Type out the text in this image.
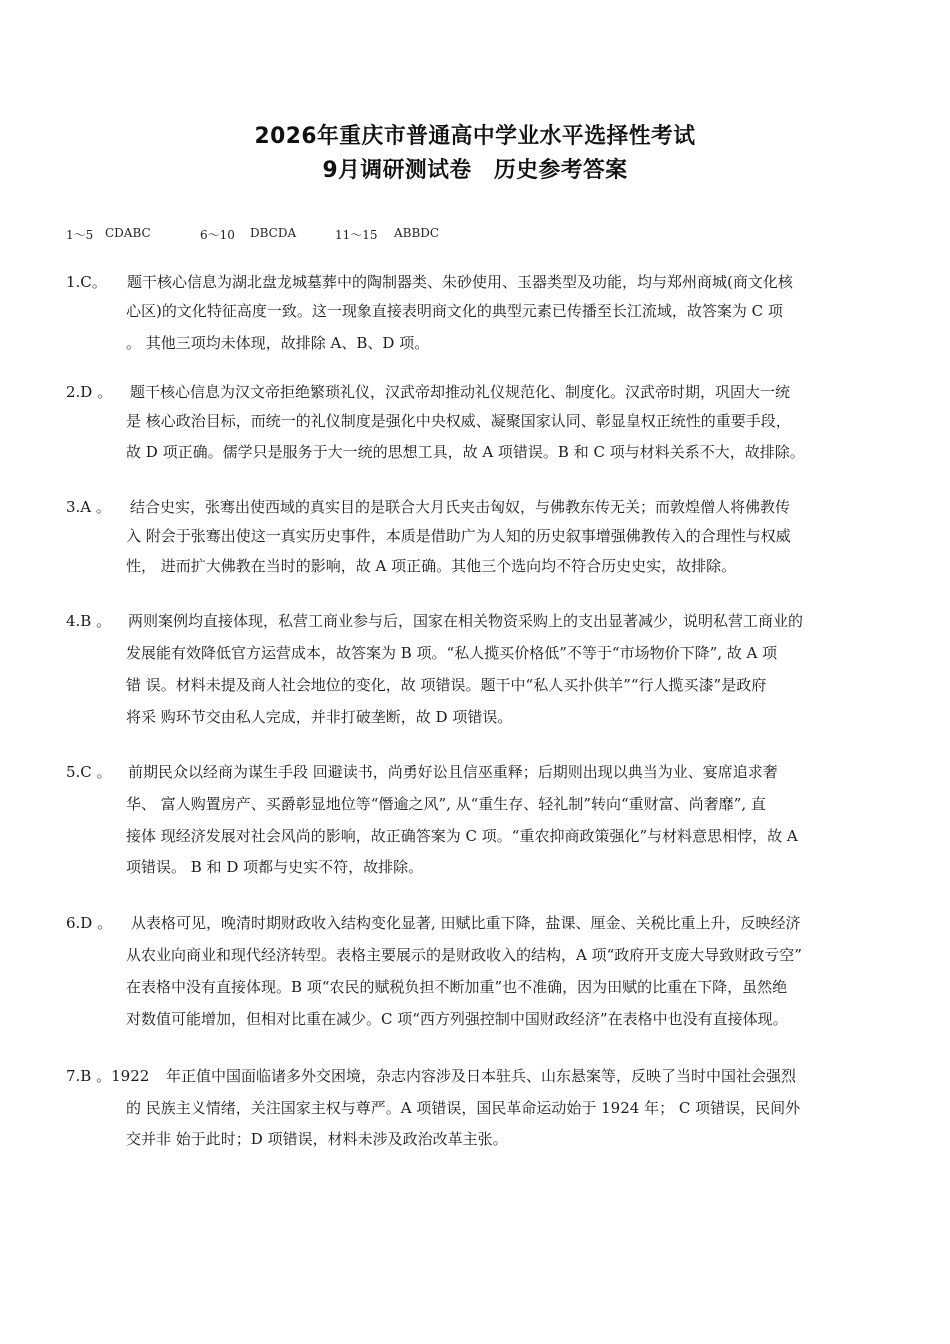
2026年重庆市普通高中学业水平选择性考试
9月调研测试卷　历史参考答案
1～5 CDABC	6～10 DBCDA	11～15 ABBDC
1.C。 题干核心信息为湖北盘龙城墓葬中的陶制器类、朱砂使用、玉器类型及功能，均与郑州商城(商文化核
心区)的文化特征高度一致。这一现象直接表明商文化的典型元素已传播至长江流域，故答案为 C 项
。 其他三项均未体现，故排除 A、B、D 项。
2.D 。 题干核心信息为汉文帝拒绝繁琐礼仪，汉武帝却推动礼仪规范化、制度化。汉武帝时期，巩固大一统
是 核心政治目标，而统一的礼仪制度是强化中央权威、凝聚国家认同、彰显皇权正统性的重要手段，
故 D 项正确。儒学只是服务于大一统的思想工具，故 A 项错误。B 和 C 项与材料关系不大，故排除。
3.A 。 结合史实，张骞出使西域的真实目的是联合大月氏夹击匈奴，与佛教东传无关；而敦煌僧人将佛教传
入 附会于张骞出使这一真实历史事件，本质是借助广为人知的历史叙事增强佛教传入的合理性与权威
性， 进而扩大佛教在当时的影响，故 A 项正确。其他三个选向均不符合历史史实，故排除。
4.B 。 两则案例均直接体现，私营工商业参与后，国家在相关物资采购上的支出显著减少，说明私营工商业的
发展能有效降低官方运营成本，故答案为 B 项。“私人揽买价格低”不等于“市场物价下降”, 故 A 项
错 误。材料未提及商人社会地位的变化，故 项错误。题干中“私人买扑供羊”“行人揽买漆”是政府
将采 购环节交由私人完成，并非打破垄断，故 D 项错误。
5.C 。 前期民众以经商为谋生手段 回避读书，尚勇好讼且信巫重释；后期则出现以典当为业、宴席追求奢
华、 富人购置房产、买爵彰显地位等“僭逾之风”, 从“重生存、轻礼制”转向“重财富、尚奢靡”, 直
接体 现经济发展对社会风尚的影响，故正确答案为 C 项。“重农抑商政策强化”与材料意思相悖，故 A
项错误。 B 和 D 项都与史实不符，故排除。
6.D 。 从表格可见，晚清时期财政收入结构变化显著, 田赋比重下降，盐课、厘金、关税比重上升，反映经济
从农业向商业和现代经济转型。表格主要展示的是财政收入的结构，A 项“政府开支庞大导致财政亏空”
在表格中没有直接体现。B 项“农民的赋税负担不断加重”也不准确，因为田赋的比重在下降，虽然绝
对数值可能增加，但相对比重在减少。C 项“西方列强控制中国财政经济”在表格中也没有直接体现。
7.B 。1922 年正值中国面临诸多外交困境，杂志内容涉及日本驻兵、山东悬案等，反映了当时中国社会强烈
的 民族主义情绪，关注国家主权与尊严。A 项错误，国民革命运动始于 1924 年； C 项错误，民间外
交并非 始于此时；D 项错误，材料未涉及政治改革主张。
